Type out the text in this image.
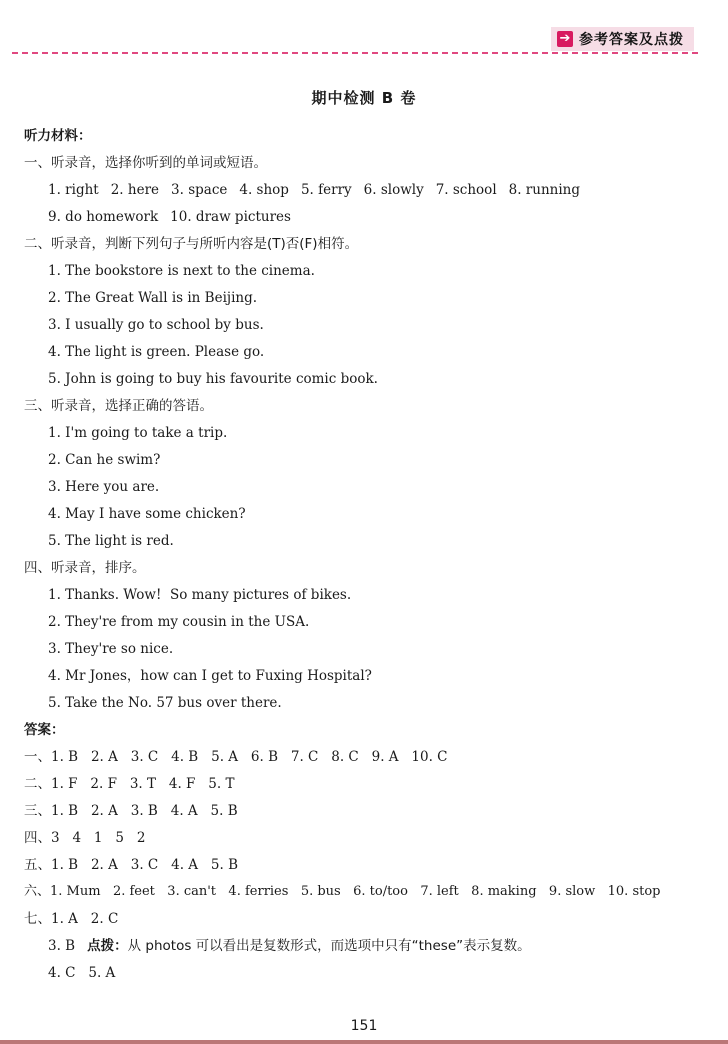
➔ 参考答案及点拨
期中检测 B 卷
听力材料：
一、听录音，选择你听到的单词或短语。
1. right 2. here 3. space 4. shop 5. ferry 6. slowly 7. school 8. running
9. do homework 10. draw pictures
二、听录音，判断下列句子与所听内容是(T)否(F)相符。
1. The bookstore is next to the cinema.
2. The Great Wall is in Beijing.
3. I usually go to school by bus.
4. The light is green. Please go.
5. John is going to buy his favourite comic book.
三、听录音，选择正确的答语。
1. I'm going to take a trip.
2. Can he swim?
3. Here you are.
4. May I have some chicken?
5. The light is red.
四、听录音，排序。
1. Thanks. Wow!  So many pictures of bikes.
2. They're from my cousin in the USA.
3. They're so nice.
4. Mr Jones，how can I get to Fuxing Hospital?
5. Take the No. 57 bus over there.
答案：
一、1. B   2. A   3. C   4. B   5. A   6. B   7. C   8. C   9. A   10. C
二、1. F   2. F   3. T   4. F   5. T
三、1. B   2. A   3. B   4. A   5. B
四、3   4   1   5   2
五、1. B   2. A   3. C   4. A   5. B
六、1. Mum   2. feet   3. can't   4. ferries   5. bus   6. to/too   7. left   8. making   9. slow   10. stop
七、1. A   2. C
3. B 点拨：从 photos 可以看出是复数形式，而选项中只有“these”表示复数。
4. C   5. A
151
